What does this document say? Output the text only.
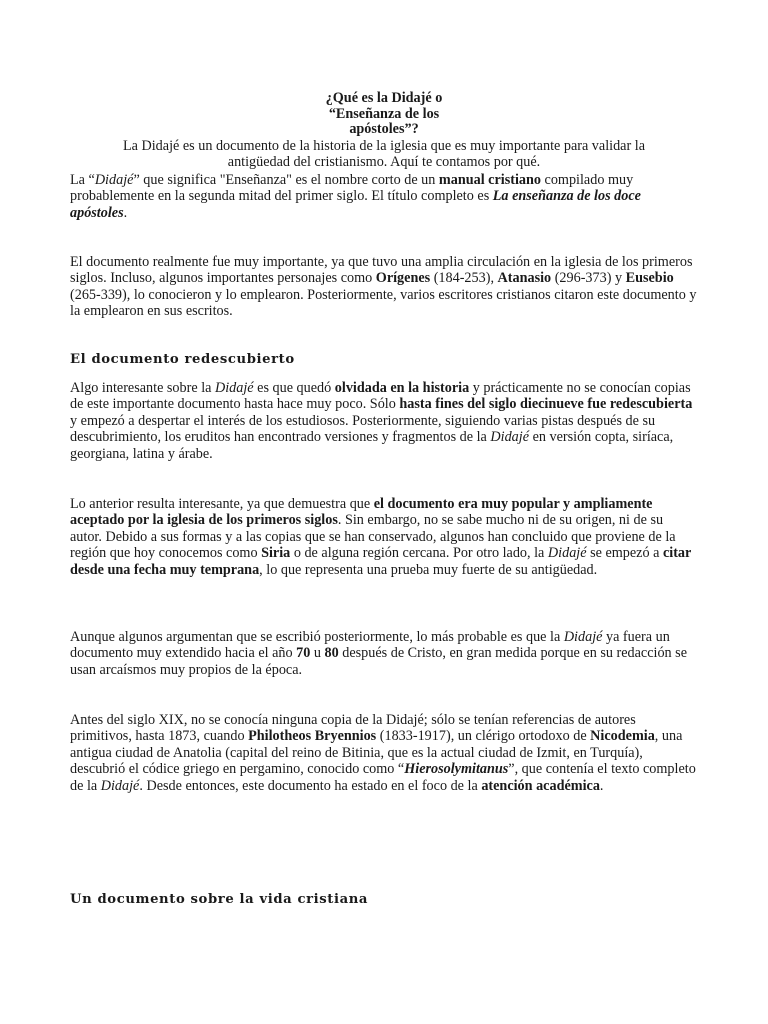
¿Qué es la Didajé o
“Enseñanza de los
apóstoles”?
La Didajé es un documento de la historia de la iglesia que es muy importante para validar la
antigüedad del cristianismo. Aquí te contamos por qué.
La “Didajé” que significa "Enseñanza" es el nombre corto de un manual cristiano compilado muy probablemente en la segunda mitad del primer siglo. El título completo es La enseñanza de los doce apóstoles.
El documento realmente fue muy importante, ya que tuvo una amplia circulación en la iglesia de los primeros siglos. Incluso, algunos importantes personajes como Orígenes (184-253), Atanasio (296-373) y Eusebio (265-339), lo conocieron y lo emplearon. Posteriormente, varios escritores cristianos citaron este documento y la emplearon en sus escritos.
El documento redescubierto
Algo interesante sobre la Didajé es que quedó olvidada en la historia y prácticamente no se conocían copias de este importante documento hasta hace muy poco. Sólo hasta fines del siglo diecinueve fue redescubierta y empezó a despertar el interés de los estudiosos. Posteriormente, siguiendo varias pistas después de su descubrimiento, los eruditos han encontrado versiones y fragmentos de la Didajé en versión copta, siríaca, georgiana, latina y árabe.
Lo anterior resulta interesante, ya que demuestra que el documento era muy popular y ampliamente aceptado por la iglesia de los primeros siglos. Sin embargo, no se sabe mucho ni de su origen, ni de su autor. Debido a sus formas y a las copias que se han conservado, algunos han concluido que proviene de la región que hoy conocemos como Siria o de alguna región cercana. Por otro lado, la Didajé se empezó a citar desde una fecha muy temprana, lo que representa una prueba muy fuerte de su antigüedad.
Aunque algunos argumentan que se escribió posteriormente, lo más probable es que la Didajé ya fuera un documento muy extendido hacia el año 70 u 80 después de Cristo, en gran medida porque en su redacción se usan arcaísmos muy propios de la época.
Antes del siglo XIX, no se conocía ninguna copia de la Didajé; sólo se tenían referencias de autores primitivos, hasta 1873, cuando Philotheos Bryennios (1833-1917), un clérigo ortodoxo de Nicodemia, una antigua ciudad de Anatolia (capital del reino de Bitinia, que es la actual ciudad de Izmit, en Turquía), descubrió el códice griego en pergamino, conocido como “Hierosolymitanus”, que contenía el texto completo de la Didajé. Desde entonces, este documento ha estado en el foco de la atención académica.
Un documento sobre la vida cristiana
